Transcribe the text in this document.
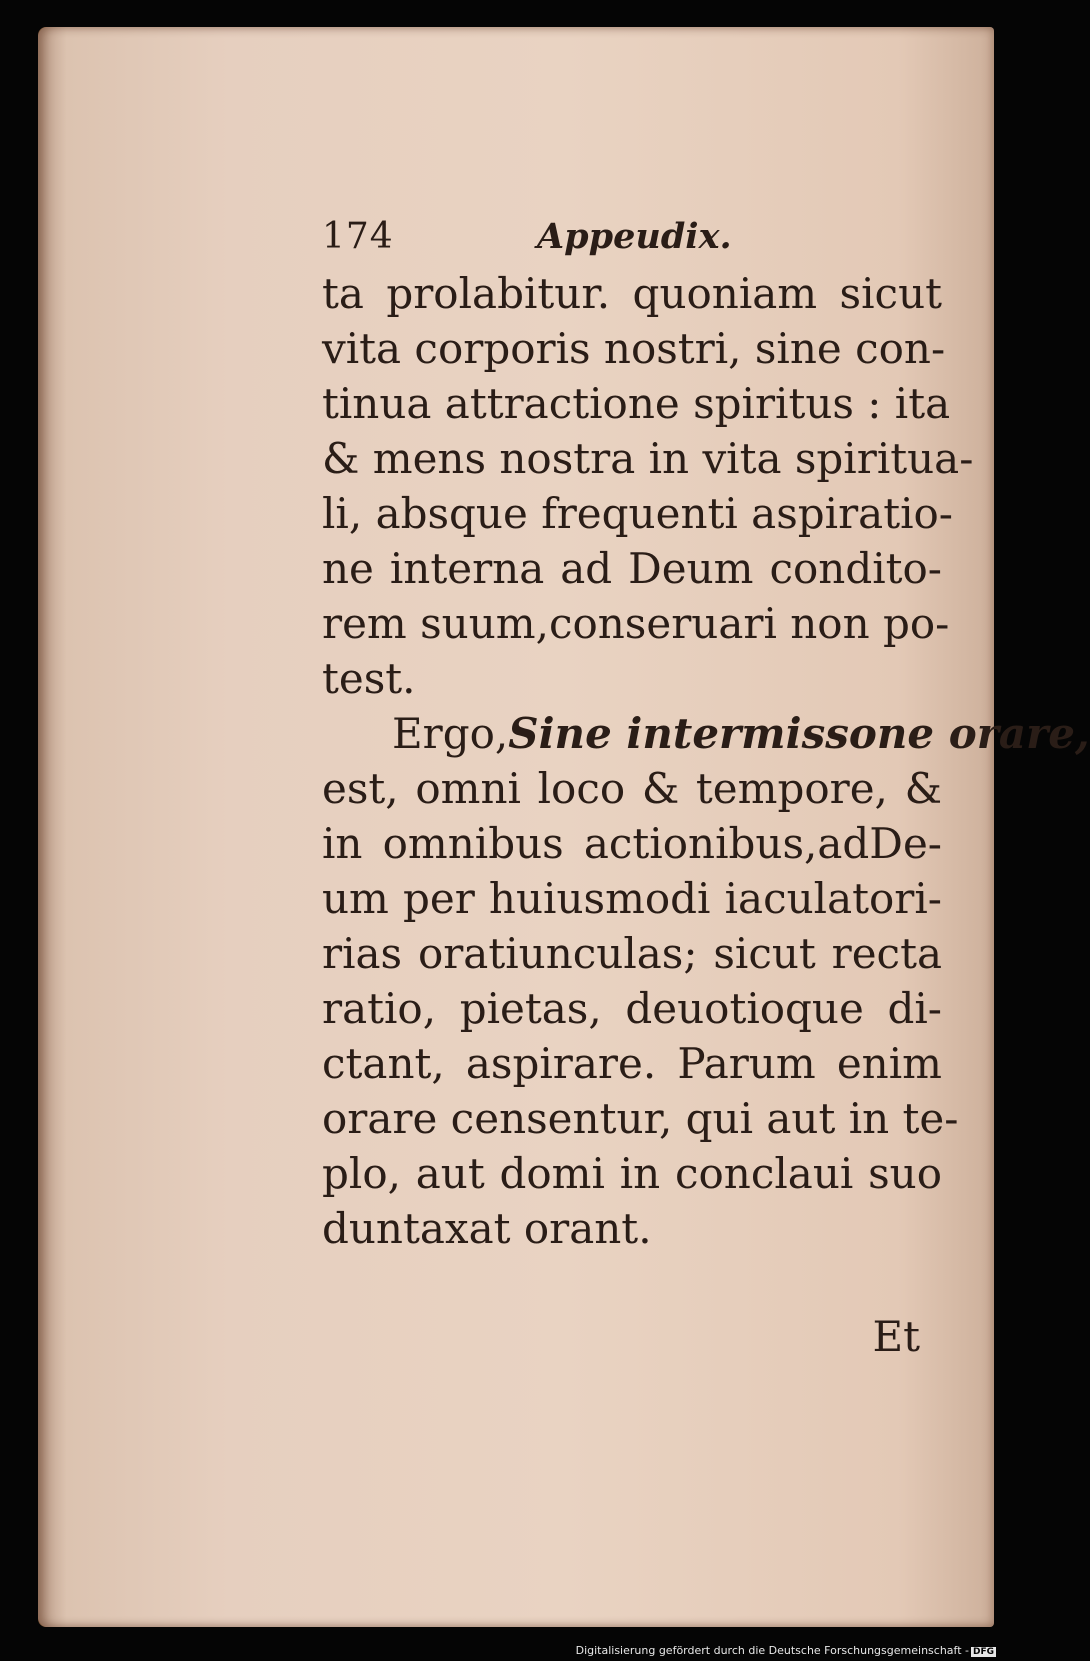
174	Appeudix.
ta prolabitur. quoniam sicut
vita corporis nostri, sine con-
tinua attractione spiritus : ita
& mens nostra in vita spiritua-
li, absque frequenti aspiratio-
ne interna ad Deum condito-
rem suum,conseruari non po-
test.
Ergo,Sine intermissone orare,
est, omni loco & tempore, &
in omnibus actionibus,adDe-
um per huiusmodi iaculatori-
rias oratiunculas; sicut recta
ratio, pietas, deuotioque di-
ctant, aspirare. Parum enim
orare censentur, qui aut in te-
plo, aut domi in conclaui suo
duntaxat orant.
Et
Digitalisierung gefördert durch die Deutsche Forschungsgemeinschaft - DFG
